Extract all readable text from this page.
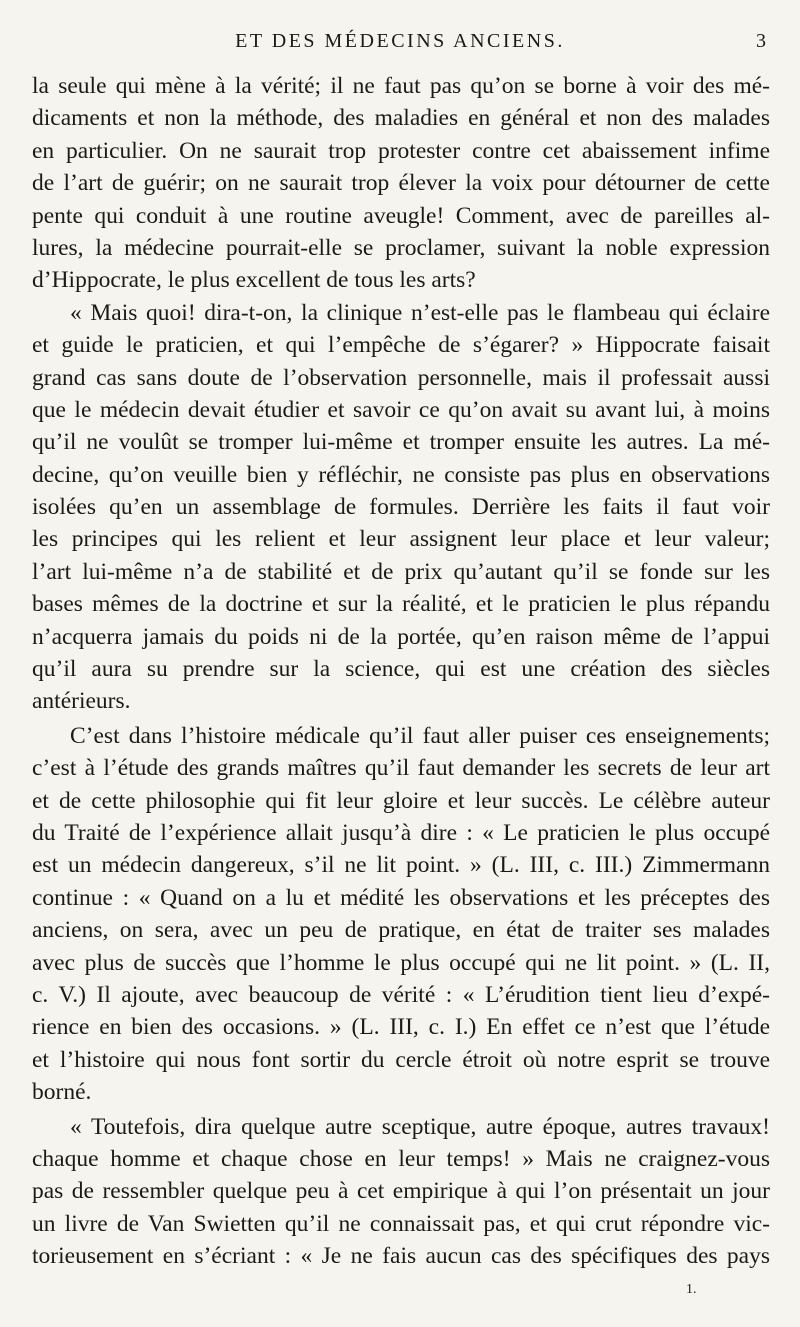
ET DES MÉDECINS ANCIENS.	3
la seule qui mène à la vérité; il ne faut pas qu’on se borne à voir des mé-
dicaments et non la méthode, des maladies en général et non des malades
en particulier. On ne saurait trop protester contre cet abaissement infime
de l’art de guérir; on ne saurait trop élever la voix pour détourner de cette
pente qui conduit à une routine aveugle! Comment, avec de pareilles al-
lures, la médecine pourrait-elle se proclamer, suivant la noble expression
d’Hippocrate, le plus excellent de tous les arts?
« Mais quoi! dira-t-on, la clinique n’est-elle pas le flambeau qui éclaire
et guide le praticien, et qui l’empêche de s’égarer? » Hippocrate faisait
grand cas sans doute de l’observation personnelle, mais il professait aussi
que le médecin devait étudier et savoir ce qu’on avait su avant lui, à moins
qu’il ne voulût se tromper lui-même et tromper ensuite les autres. La mé-
decine, qu’on veuille bien y réfléchir, ne consiste pas plus en observations
isolées qu’en un assemblage de formules. Derrière les faits il faut voir
les principes qui les relient et leur assignent leur place et leur valeur;
l’art lui-même n’a de stabilité et de prix qu’autant qu’il se fonde sur les
bases mêmes de la doctrine et sur la réalité, et le praticien le plus répandu
n’acquerra jamais du poids ni de la portée, qu’en raison même de l’appui
qu’il aura su prendre sur la science, qui est une création des siècles
antérieurs.
C’est dans l’histoire médicale qu’il faut aller puiser ces enseignements;
c’est à l’étude des grands maîtres qu’il faut demander les secrets de leur art
et de cette philosophie qui fit leur gloire et leur succès. Le célèbre auteur
du Traité de l’expérience allait jusqu’à dire : « Le praticien le plus occupé
est un médecin dangereux, s’il ne lit point. » (L. III, c. III.) Zimmermann
continue : « Quand on a lu et médité les observations et les préceptes des
anciens, on sera, avec un peu de pratique, en état de traiter ses malades
avec plus de succès que l’homme le plus occupé qui ne lit point. » (L. II,
c. V.) Il ajoute, avec beaucoup de vérité : « L’érudition tient lieu d’expé-
rience en bien des occasions. » (L. III, c. I.) En effet ce n’est que l’étude
et l’histoire qui nous font sortir du cercle étroit où notre esprit se trouve
borné.
« Toutefois, dira quelque autre sceptique, autre époque, autres travaux!
chaque homme et chaque chose en leur temps! » Mais ne craignez-vous
pas de ressembler quelque peu à cet empirique à qui l’on présentait un jour
un livre de Van Swietten qu’il ne connaissait pas, et qui crut répondre vic-
torieusement en s’écriant : « Je ne fais aucun cas des spécifiques des pays
1.
